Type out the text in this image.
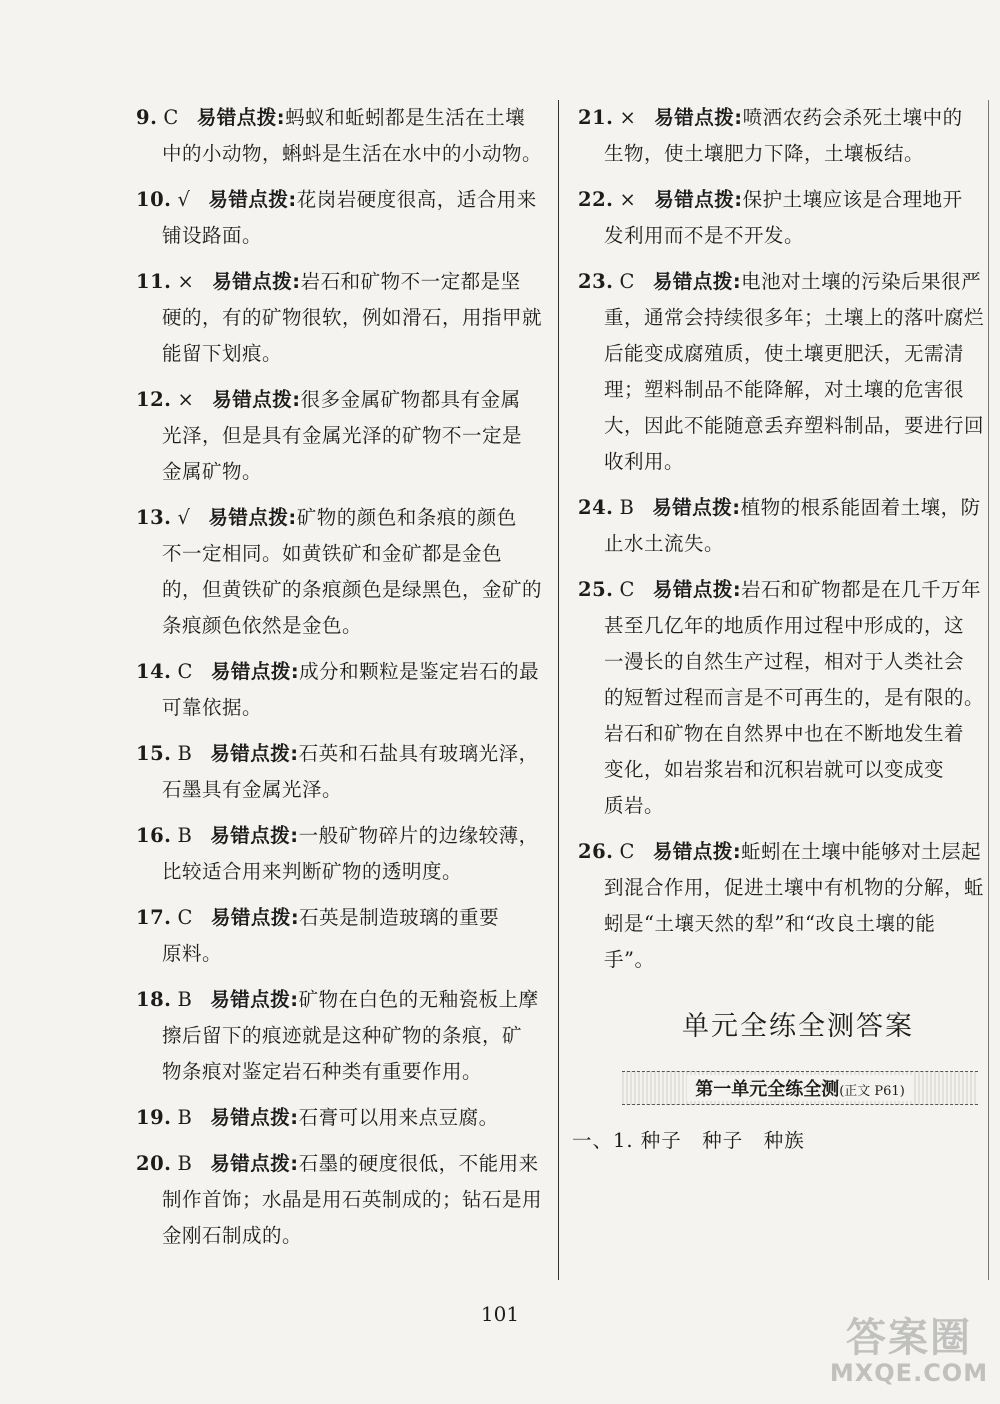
9. C 易错点拨:蚂蚁和蚯蚓都是生活在土壤
中的小动物，蝌蚪是生活在水中的小动物。
10. √ 易错点拨:花岗岩硬度很高，适合用来
铺设路面。
11. × 易错点拨:岩石和矿物不一定都是坚
硬的，有的矿物很软，例如滑石，用指甲就
能留下划痕。
12. × 易错点拨:很多金属矿物都具有金属
光泽，但是具有金属光泽的矿物不一定是
金属矿物。
13. √ 易错点拨:矿物的颜色和条痕的颜色
不一定相同。如黄铁矿和金矿都是金色
的，但黄铁矿的条痕颜色是绿黑色，金矿的
条痕颜色依然是金色。
14. C 易错点拨:成分和颗粒是鉴定岩石的最
可靠依据。
15. B 易错点拨:石英和石盐具有玻璃光泽，
石墨具有金属光泽。
16. B 易错点拨:一般矿物碎片的边缘较薄，
比较适合用来判断矿物的透明度。
17. C 易错点拨:石英是制造玻璃的重要
原料。
18. B 易错点拨:矿物在白色的无釉瓷板上摩
擦后留下的痕迹就是这种矿物的条痕，矿
物条痕对鉴定岩石种类有重要作用。
19. B 易错点拨:石膏可以用来点豆腐。
20. B 易错点拨:石墨的硬度很低，不能用来
制作首饰；水晶是用石英制成的；钻石是用
金刚石制成的。
21. × 易错点拨:喷洒农药会杀死土壤中的
生物，使土壤肥力下降，土壤板结。
22. × 易错点拨:保护土壤应该是合理地开
发利用而不是不开发。
23. C 易错点拨:电池对土壤的污染后果很严
重，通常会持续很多年；土壤上的落叶腐烂
后能变成腐殖质，使土壤更肥沃，无需清
理；塑料制品不能降解，对土壤的危害很
大，因此不能随意丢弃塑料制品，要进行回
收利用。
24. B 易错点拨:植物的根系能固着土壤，防
止水土流失。
25. C 易错点拨:岩石和矿物都是在几千万年
甚至几亿年的地质作用过程中形成的，这
一漫长的自然生产过程，相对于人类社会
的短暂过程而言是不可再生的，是有限的。
岩石和矿物在自然界中也在不断地发生着
变化，如岩浆岩和沉积岩就可以变成变
质岩。
26. C 易错点拨:蚯蚓在土壤中能够对土层起
到混合作用，促进土壤中有机物的分解，蚯
蚓是“土壤天然的犁”和“改良土壤的能
手”。
单元全练全测答案
第一单元全练全测(正文 P61)
一、1. 种子　种子　种族
101
答案圈
MXQE.COM
